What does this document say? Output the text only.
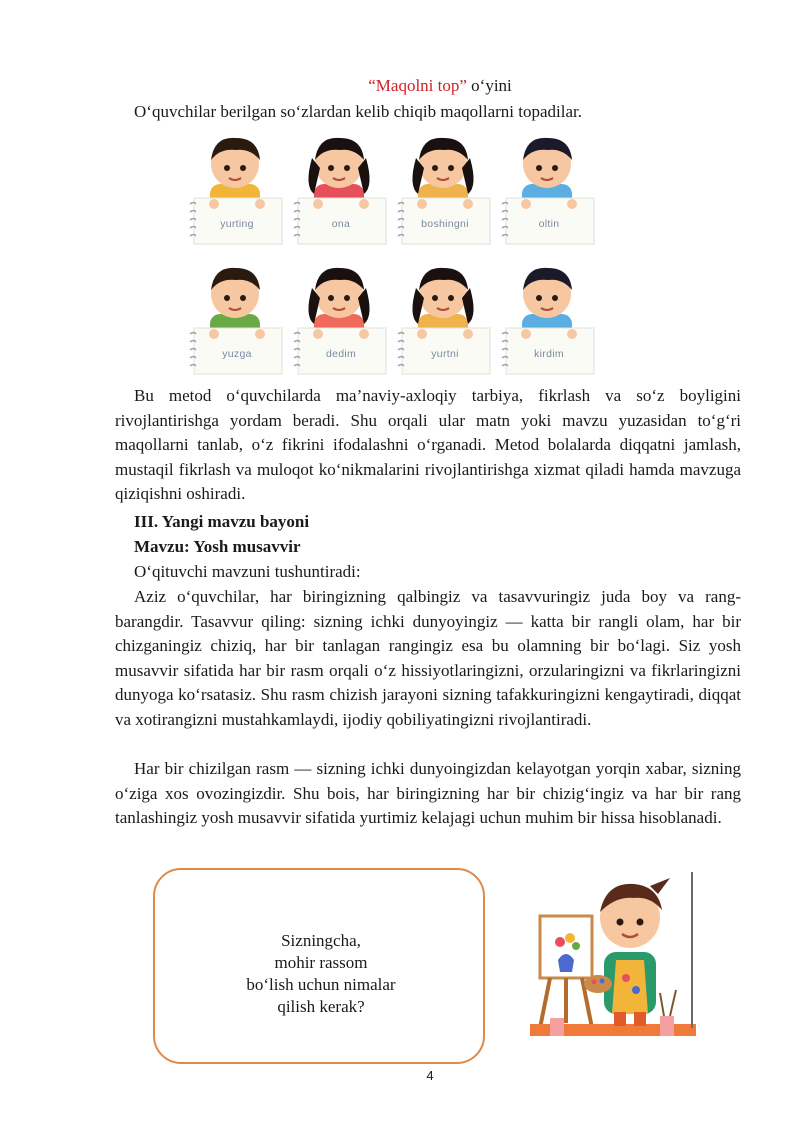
“Maqolni top” o‘yini

O‘quvchilar berilgan so‘zlardan kelib chiqib maqollarni topadilar.

yurting	ona	boshingni	oltin
yuzga	dedim	yurtni	kirdim

Bu metod o‘quvchilarda ma’naviy-axloqiy tarbiya, fikrlash va so‘z boyligini rivojlantirishga yordam beradi. Shu orqali ular matn yoki mavzu yuzasidan to‘g‘ri maqollarni tanlab, o‘z fikrini ifodalashni o‘rganadi. Metod bolalarda diqqatni jamlash, mustaqil fikrlash va muloqot ko‘nikmalarini rivojlantirishga xizmat qiladi hamda mavzuga qiziqishni oshiradi.

III. Yangi mavzu bayoni

Mavzu: Yosh musavvir

O‘qituvchi mavzuni tushuntiradi:

Aziz o‘quvchilar, har biringizning qalbingiz va tasavvuringiz juda boy va rang-barangdir. Tasavvur qiling: sizning ichki dunyoyingiz — katta bir rangli olam, har bir chizganingiz chiziq, har bir tanlagan rangingiz esa bu olamning bir bo‘lagi. Siz yosh musavvir sifatida har bir rasm orqali o‘z hissiyotlaringizni, orzularingizni va fikrlaringizni dunyoga ko‘rsatasiz. Shu rasm chizish jarayoni sizning tafakkuringizni kengaytiradi, diqqat va xotirangizni mustahkamlaydi, ijodiy qobiliyatingizni rivojlantiradi.

Har bir chizilgan rasm — sizning ichki dunyoingizdan kelayotgan yorqin xabar, sizning o‘ziga xos ovozingizdir. Shu bois, har biringizning har bir chizig‘ingiz va har bir rang tanlashingiz yosh musavvir sifatida yurtimiz kelajagi uchun muhim bir hissa hisoblanadi.

Sizningcha,
mohir rassom
bo‘lish uchun nimalar
qilish kerak?
4
